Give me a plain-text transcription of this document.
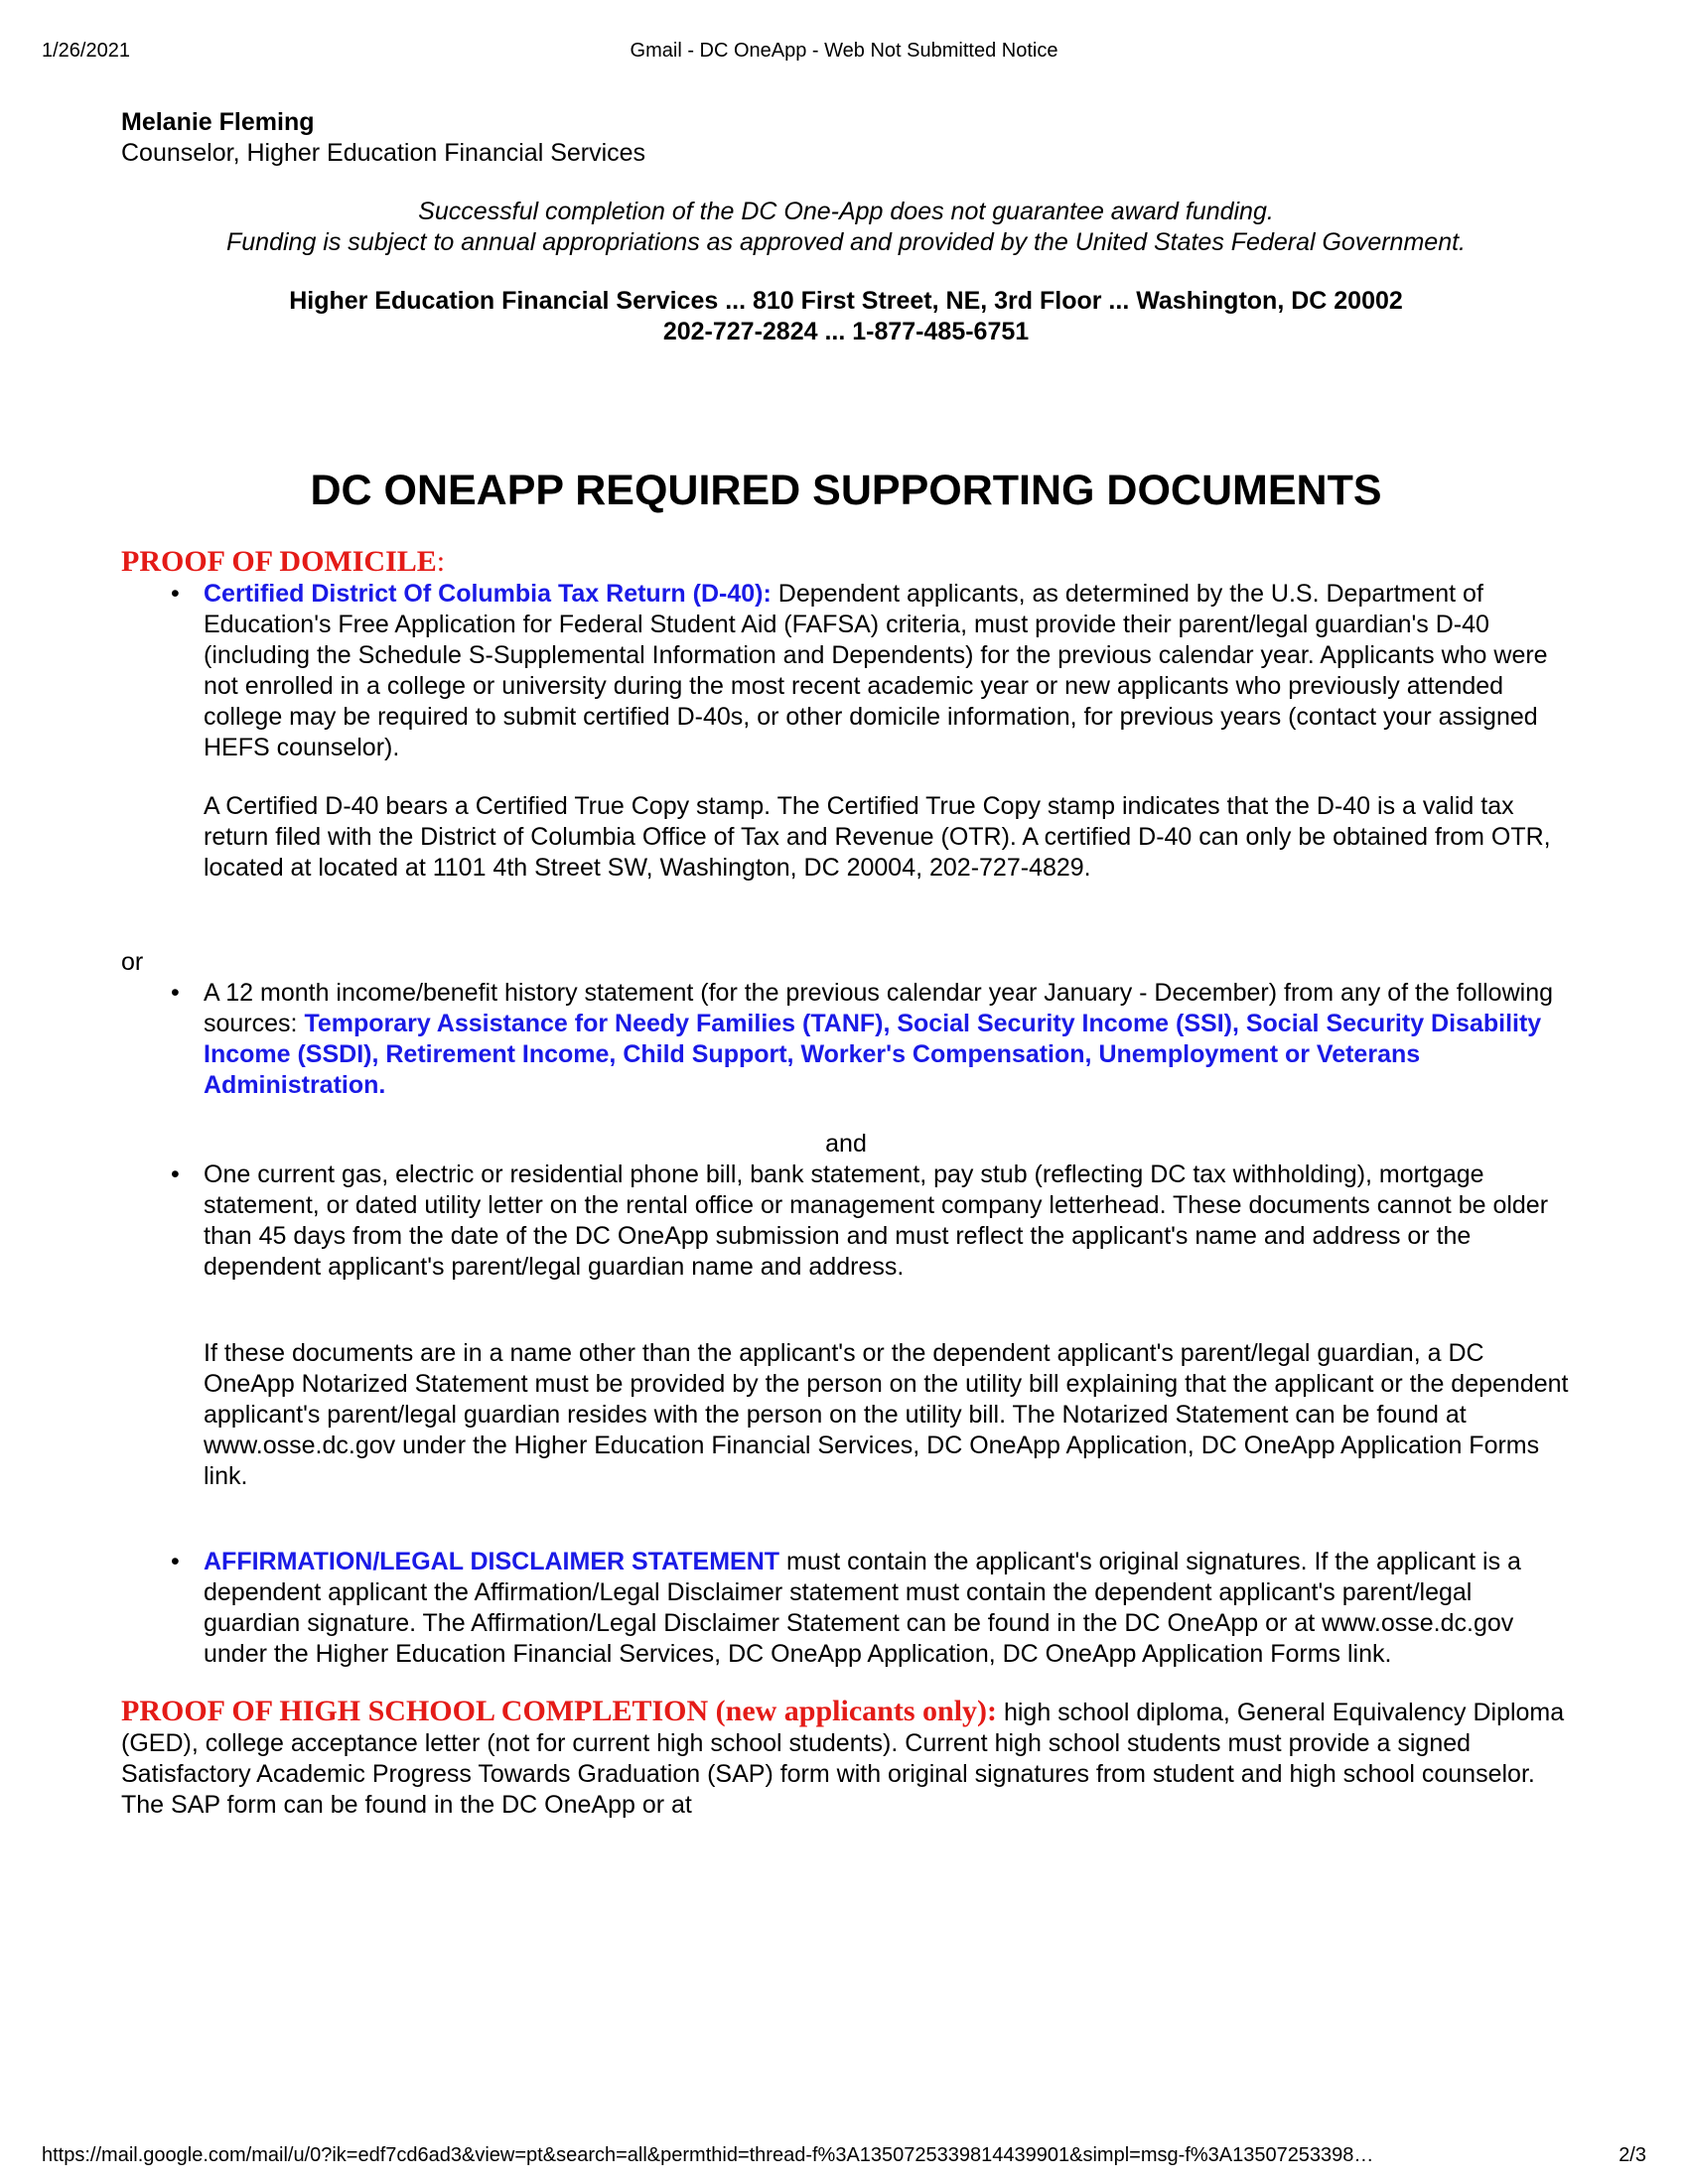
1/26/2021	Gmail - DC OneApp - Web Not Submitted Notice
Melanie Fleming
Counselor, Higher Education Financial Services
Successful completion of the DC One-App does not guarantee award funding.
Funding is subject to annual appropriations as approved and provided by the United States Federal Government.
Higher Education Financial Services ... 810 First Street, NE, 3rd Floor ... Washington, DC 20002
202-727-2824 ... 1-877-485-6751
DC ONEAPP REQUIRED SUPPORTING DOCUMENTS
PROOF OF DOMICILE:
• Certified District Of Columbia Tax Return (D-40): Dependent applicants, as determined by the U.S. Department of Education's Free Application for Federal Student Aid (FAFSA) criteria, must provide their parent/legal guardian's D-40 (including the Schedule S-Supplemental Information and Dependents) for the previous calendar year. Applicants who were not enrolled in a college or university during the most recent academic year or new applicants who previously attended college may be required to submit certified D-40s, or other domicile information, for previous years (contact your assigned HEFS counselor).
A Certified D-40 bears a Certified True Copy stamp. The Certified True Copy stamp indicates that the D-40 is a valid tax return filed with the District of Columbia Office of Tax and Revenue (OTR). A certified D-40 can only be obtained from OTR, located at located at 1101 4th Street SW, Washington, DC 20004, 202-727-4829.
or
• A 12 month income/benefit history statement (for the previous calendar year January - December) from any of the following sources: Temporary Assistance for Needy Families (TANF), Social Security Income (SSI), Social Security Disability Income (SSDI), Retirement Income, Child Support, Worker's Compensation, Unemployment or Veterans Administration.
and
• One current gas, electric or residential phone bill, bank statement, pay stub (reflecting DC tax withholding), mortgage statement, or dated utility letter on the rental office or management company letterhead. These documents cannot be older than 45 days from the date of the DC OneApp submission and must reflect the applicant's name and address or the dependent applicant's parent/legal guardian name and address.
If these documents are in a name other than the applicant's or the dependent applicant's parent/legal guardian, a DC OneApp Notarized Statement must be provided by the person on the utility bill explaining that the applicant or the dependent applicant's parent/legal guardian resides with the person on the utility bill. The Notarized Statement can be found at www.osse.dc.gov under the Higher Education Financial Services, DC OneApp Application, DC OneApp Application Forms link.
• AFFIRMATION/LEGAL DISCLAIMER STATEMENT must contain the applicant's original signatures. If the applicant is a dependent applicant the Affirmation/Legal Disclaimer statement must contain the dependent applicant's parent/legal guardian signature. The Affirmation/Legal Disclaimer Statement can be found in the DC OneApp or at www.osse.dc.gov under the Higher Education Financial Services, DC OneApp Application, DC OneApp Application Forms link.
PROOF OF HIGH SCHOOL COMPLETION (new applicants only): high school diploma, General Equivalency Diploma (GED), college acceptance letter (not for current high school students). Current high school students must provide a signed Satisfactory Academic Progress Towards Graduation (SAP) form with original signatures from student and high school counselor. The SAP form can be found in the DC OneApp or at
https://mail.google.com/mail/u/0?ik=edf7cd6ad3&view=pt&search=all&permthid=thread-f%3A1350725339814439901&simpl=msg-f%3A13507253398…	2/3
